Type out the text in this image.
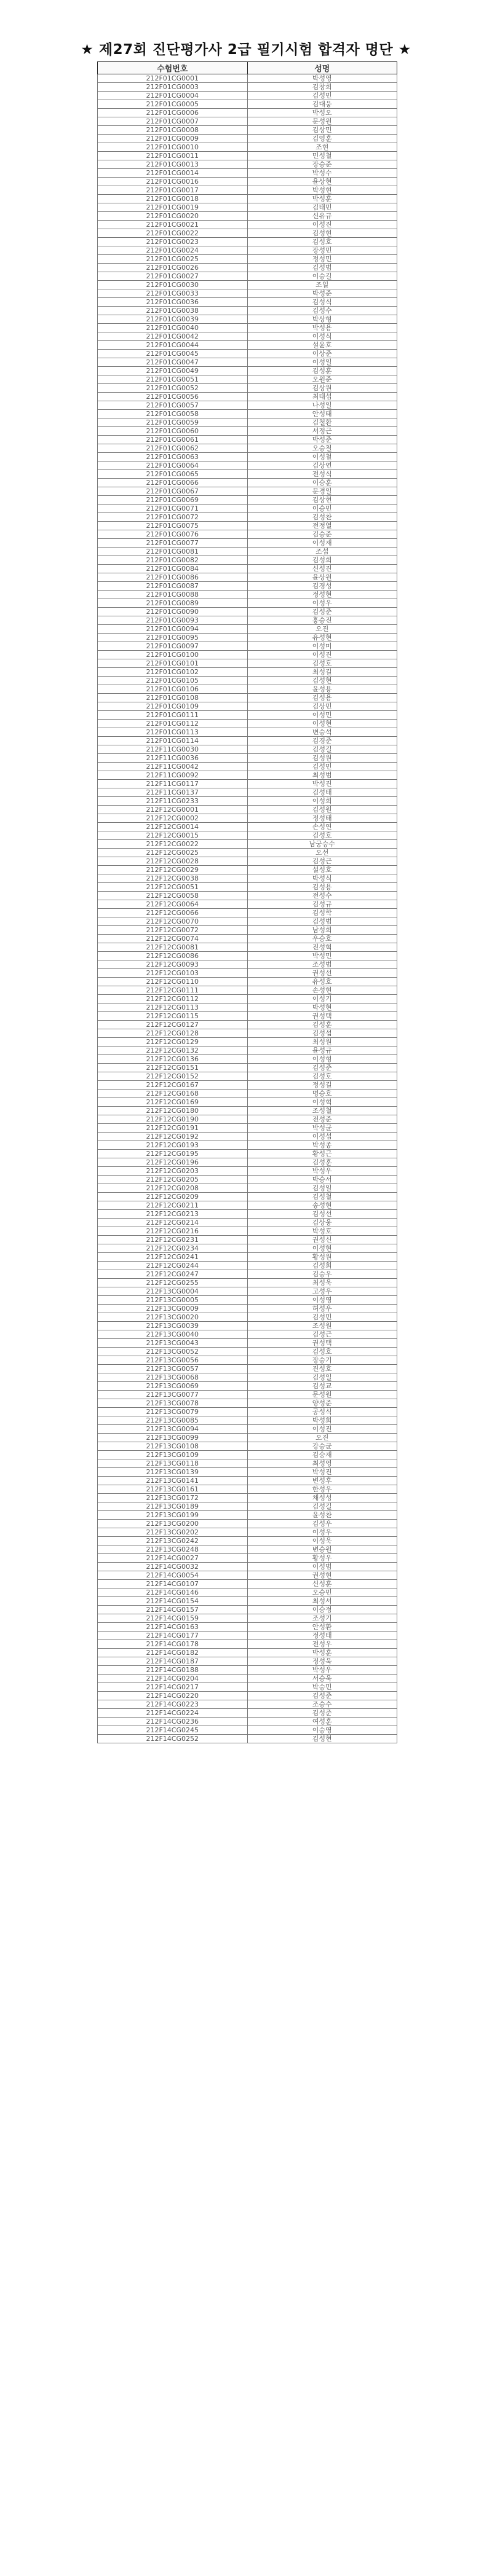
★ 제27회 진단평가사 2급 필기시험 합격자 명단 ★
수험번호	성명
212F01CG0001	박성영
212F01CG0003	김창희
212F01CG0004	김성민
212F01CG0005	김대웅
212F01CG0006	박성오
212F01CG0007	문성원
212F01CG0008	김상민
212F01CG0009	김영훈
212F01CG0010	조현
212F01CG0011	민성철
212F01CG0013	장승준
212F01CG0014	박성수
212F01CG0016	윤상현
212F01CG0017	박성현
212F01CG0018	박성훈
212F01CG0019	김태민
212F01CG0020	신유규
212F01CG0021	이성진
212F01CG0022	김성현
212F01CG0023	김성호
212F01CG0024	장성민
212F01CG0025	정성민
212F01CG0026	김성범
212F01CG0027	이승길
212F01CG0030	조일
212F01CG0033	박성준
212F01CG0036	김성식
212F01CG0038	김성수
212F01CG0039	박상형
212F01CG0040	박성용
212F01CG0042	이성식
212F01CG0044	설윤호
212F01CG0045	이상준
212F01CG0047	이성일
212F01CG0049	김성훈
212F01CG0051	오원준
212F01CG0052	김상원
212F01CG0056	최태섭
212F01CG0057	나성일
212F01CG0058	안성태
212F01CG0059	김철환
212F01CG0060	서정근
212F01CG0061	박성준
212F01CG0062	오승철
212F01CG0063	이성철
212F01CG0064	김상연
212F01CG0065	전성식
212F01CG0066	이승훈
212F01CG0067	문경일
212F01CG0069	김상현
212F01CG0071	이승민
212F01CG0072	김성찬
212F01CG0075	전정열
212F01CG0076	김승준
212F01CG0077	이성재
212F01CG0081	조섭
212F01CG0082	김성희
212F01CG0084	신성진
212F01CG0086	윤상원
212F01CG0087	김경성
212F01CG0088	정성현
212F01CG0089	이성우
212F01CG0090	김성준
212F01CG0093	홍승진
212F01CG0094	오진
212F01CG0095	유성현
212F01CG0097	이성미
212F01CG0100	이성진
212F01CG0101	김성호
212F01CG0102	최성길
212F01CG0105	김성현
212F01CG0106	윤성용
212F01CG0108	김성용
212F01CG0109	김상민
212F01CG0111	이성민
212F01CG0112	이성현
212F01CG0113	변승석
212F01CG0114	김경준
212F11CG0030	김성길
212F11CG0036	김성원
212F11CG0042	김성민
212F11CG0092	최성범
212F11CG0117	박성진
212F11CG0137	김성태
212F11CG0233	이성희
212F12CG0001	김성원
212F12CG0002	정성태
212F12CG0014	손성연
212F12CG0015	김성호
212F12CG0022	남궁승수
212F12CG0025	오선
212F12CG0028	김성근
212F12CG0029	설성호
212F12CG0038	박성식
212F12CG0051	김성용
212F12CG0058	전성수
212F12CG0064	김성규
212F12CG0066	김성학
212F12CG0070	김성범
212F12CG0072	남성희
212F12CG0074	우승호
212F12CG0081	진성혁
212F12CG0086	박성민
212F12CG0093	조성범
212F12CG0103	권성선
212F12CG0110	유성호
212F12CG0111	손성현
212F12CG0112	이성기
212F12CG0113	박성현
212F12CG0115	권성택
212F12CG0127	김성훈
212F12CG0128	김성섭
212F12CG0129	최성원
212F12CG0132	윤성규
212F12CG0136	이성형
212F12CG0151	김성준
212F12CG0152	김성호
212F12CG0167	정성길
212F12CG0168	명승호
212F12CG0169	이성혁
212F12CG0180	조성철
212F12CG0190	전성준
212F12CG0191	박성균
212F12CG0192	이성섭
212F12CG0193	박성종
212F12CG0195	황성근
212F12CG0196	김성훈
212F12CG0203	박성우
212F12CG0205	박승서
212F12CG0208	김성일
212F12CG0209	김성철
212F12CG0211	송성현
212F12CG0213	김성선
212F12CG0214	김상웅
212F12CG0216	박성호
212F12CG0231	권성신
212F12CG0234	이성현
212F12CG0241	황성원
212F12CG0244	김성희
212F12CG0247	김승우
212F12CG0255	최성욱
212F13CG0004	고성우
212F13CG0005	이성영
212F13CG0009	허성우
212F13CG0020	김성민
212F13CG0039	조성원
212F13CG0040	김성근
212F13CG0043	권성택
212F13CG0052	김성호
212F13CG0056	장승기
212F13CG0057	진성호
212F13CG0068	김성일
212F13CG0069	김성교
212F13CG0077	문성원
212F13CG0078	양성준
212F13CG0079	공성식
212F13CG0085	박성희
212F13CG0094	이성진
212F13CG0099	오진
212F13CG0108	강승균
212F13CG0109	김승재
212F13CG0118	최성영
212F13CG0139	박성진
212F13CG0141	변성후
212F13CG0161	한성우
212F13CG0172	채성성
212F13CG0189	김성길
212F13CG0199	윤성찬
212F13CG0200	김성우
212F13CG0202	이성우
212F13CG0242	이성욱
212F13CG0248	변승원
212F14CG0027	황성우
212F14CG0032	이성범
212F14CG0054	권성현
212F14CG0107	신성훈
212F14CG0146	오승민
212F14CG0154	최성서
212F14CG0157	이승정
212F14CG0159	조성기
212F14CG0163	안성환
212F14CG0177	정성태
212F14CG0178	전성우
212F14CG0182	박성훈
212F14CG0187	정성욱
212F14CG0188	박성우
212F14CG0204	서승욱
212F14CG0217	박승민
212F14CG0220	김성준
212F14CG0223	조승수
212F14CG0224	김성준
212F14CG0236	여성훈
212F14CG0245	이승영
212F14CG0252	김성현
